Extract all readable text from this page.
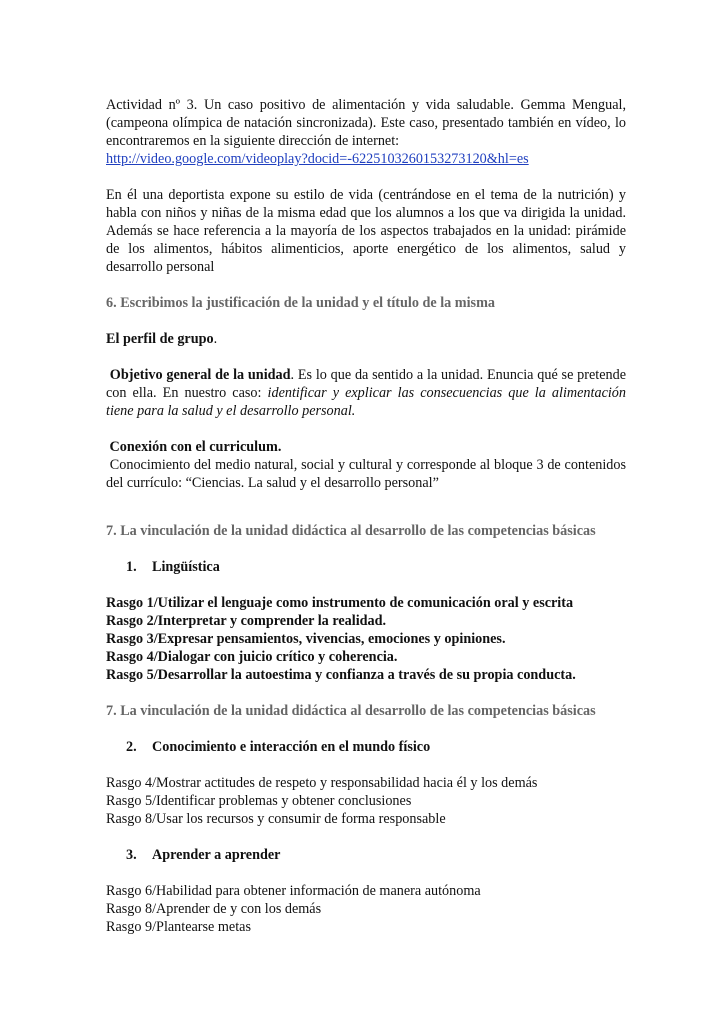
Actividad nº 3. Un caso positivo de alimentación y vida saludable. Gemma Mengual, (campeona olímpica de natación sincronizada). Este caso, presentado también en vídeo, lo encontraremos en la siguiente dirección de internet:
http://video.google.com/videoplay?docid=-6225103260153273120&hl=es

En él una deportista expone su estilo de vida (centrándose en el tema de la nutrición) y habla con niños y niñas de la misma edad que los alumnos a los que va dirigida la unidad. Además se hace referencia a la mayoría de los aspectos trabajados en la unidad: pirámide de los alimentos, hábitos alimenticios, aporte energético de los alimentos, salud y desarrollo personal

6. Escribimos la justificación de la unidad y el título de la misma

El perfil de grupo.

Objetivo general de la unidad. Es lo que da sentido a la unidad. Enuncia qué se pretende con ella. En nuestro caso: identificar y explicar las consecuencias que la alimentación tiene para la salud y el desarrollo personal.

Conexión con el curriculum.

Conocimiento del medio natural, social y cultural y corresponde al bloque 3 de contenidos del currículo: “Ciencias. La salud y el desarrollo personal”

7. La vinculación de la unidad didáctica al desarrollo de las competencias básicas

1.	Lingüística

Rasgo 1/Utilizar el lenguaje como instrumento de comunicación oral y escrita

Rasgo 2/Interpretar y comprender la realidad.

Rasgo 3/Expresar pensamientos, vivencias, emociones y opiniones.

Rasgo 4/Dialogar con juicio crítico y coherencia.

Rasgo 5/Desarrollar la autoestima y confianza a través de su propia conducta.

7. La vinculación de la unidad didáctica al desarrollo de las competencias básicas

2.	Conocimiento e interacción en el mundo físico

Rasgo 4/Mostrar actitudes de respeto y responsabilidad hacia él y los demás

Rasgo 5/Identificar problemas y obtener conclusiones

Rasgo 8/Usar los recursos y consumir de forma responsable

3.	Aprender a aprender

Rasgo 6/Habilidad para obtener información de manera autónoma

Rasgo 8/Aprender de y con los demás

Rasgo 9/Plantearse metas
